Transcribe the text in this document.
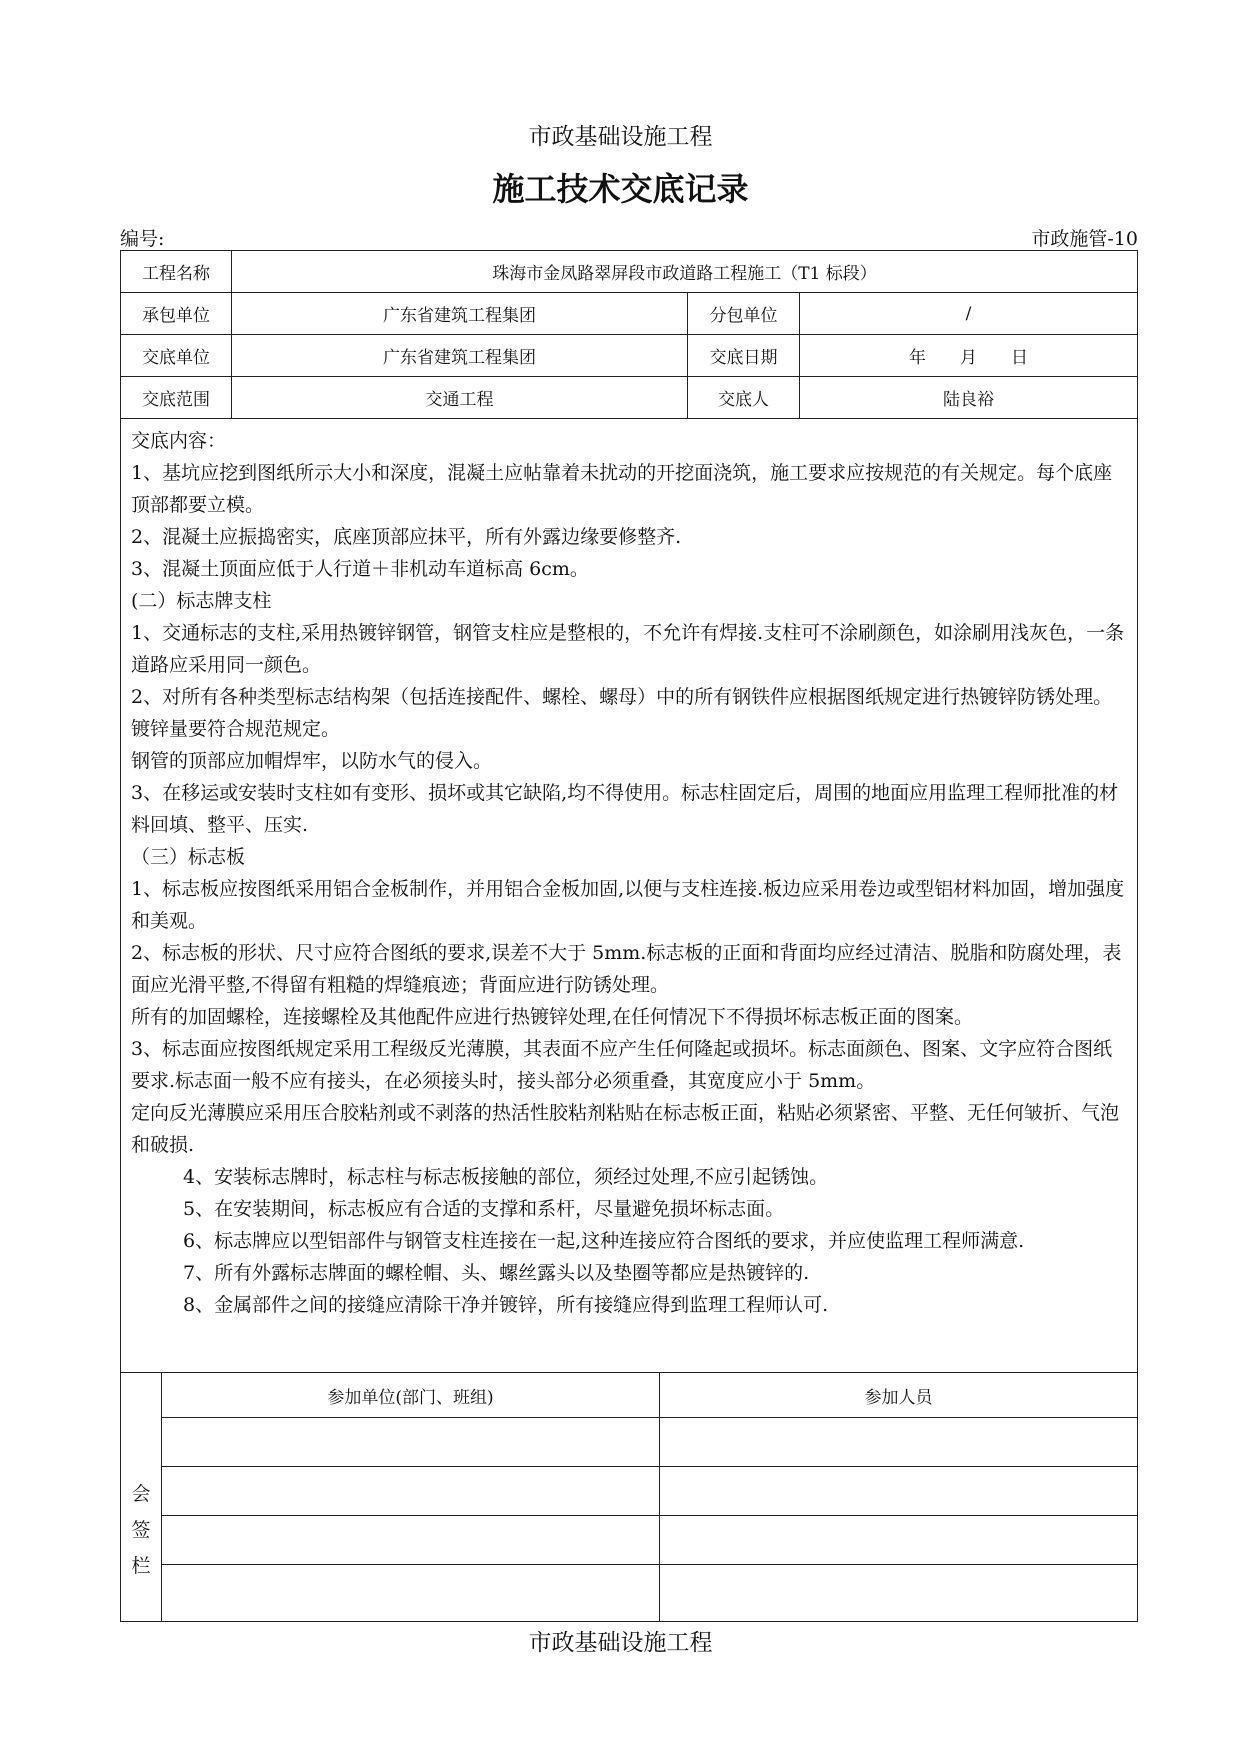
市政基础设施工程
施工技术交底记录
编号:	市政施管-10
工程名称	珠海市金凤路翠屏段市政道路工程施工（T1 标段）
承包单位	广东省建筑工程集团	分包单位	/
交底单位	广东省建筑工程集团	交底日期	年　　月　　日
交底范围	交通工程	交底人	陆良裕

交底内容：

1、基坑应挖到图纸所示大小和深度，混凝土应帖靠着未扰动的开挖面浇筑，施工要求应按规范的有关规定。每个底座顶部都要立模。

2、混凝土应振捣密实，底座顶部应抹平，所有外露边缘要修整齐.

3、混凝土顶面应低于人行道＋非机动车道标高 6cm。

(二）标志牌支柱

1、交通标志的支柱,采用热镀锌钢管，钢管支柱应是整根的，不允许有焊接.支柱可不涂刷颜色，如涂刷用浅灰色，一条道路应采用同一颜色。

2、对所有各种类型标志结构架（包括连接配件、螺栓、螺母）中的所有钢铁件应根据图纸规定进行热镀锌防锈处理。镀锌量要符合规范规定。

钢管的顶部应加帽焊牢，以防水气的侵入。

3、在移运或安装时支柱如有变形、损坏或其它缺陷,均不得使用。标志柱固定后，周围的地面应用监理工程师批准的材料回填、整平、压实.

（三）标志板

1、标志板应按图纸采用铝合金板制作，并用铝合金板加固,以便与支柱连接.板边应采用卷边或型铝材料加固，增加强度和美观。

2、标志板的形状、尺寸应符合图纸的要求,误差不大于 5mm.标志板的正面和背面均应经过清洁、脱脂和防腐处理，表面应光滑平整,不得留有粗糙的焊缝痕迹；背面应进行防锈处理。

所有的加固螺栓，连接螺栓及其他配件应进行热镀锌处理,在任何情况下不得损坏标志板正面的图案。

3、标志面应按图纸规定采用工程级反光薄膜，其表面不应产生任何隆起或损坏。标志面颜色、图案、文字应符合图纸要求.标志面一般不应有接头，在必须接头时，接头部分必须重叠，其宽度应小于 5mm。

定向反光薄膜应采用压合胶粘剂或不剥落的热活性胶粘剂粘贴在标志板正面，粘贴必须紧密、平整、无任何皱折、气泡和破损.

4、安装标志牌时，标志柱与标志板接触的部位，须经过处理,不应引起锈蚀。

5、在安装期间，标志板应有合适的支撑和系杆，尽量避免损坏标志面。

6、标志牌应以型铝部件与钢管支柱连接在一起,这种连接应符合图纸的要求，并应使监理工程师满意.

7、所有外露标志牌面的螺栓帽、头、螺丝露头以及垫圈等都应是热镀锌的.

8、金属部件之间的接缝应清除干净并镀锌，所有接缝应得到监理工程师认可.

会
签
栏
参加单位(部门、班组)	参加人员
市政基础设施工程
